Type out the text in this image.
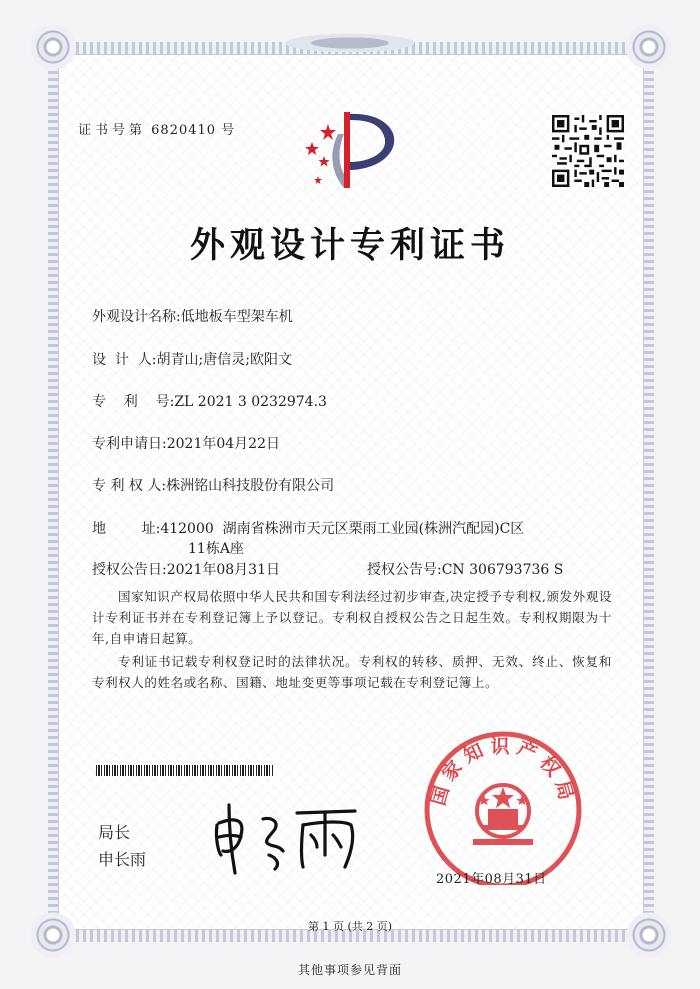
证书号第 6820410 号
外观设计专利证书
外观设计名称:低地板车型架车机
设  计  人:胡青山;唐信灵;欧阳文
专    利    号:ZL 2021 3 0232974.3
专利申请日:2021年04月22日
专 利 权 人:株洲铭山科技股份有限公司
地        址:412000  湖南省株洲市天元区栗雨工业园(株洲汽配园)C区
11栋A座
授权公告日:2021年08月31日	授权公告号:CN 306793736 S
国家知识产权局依照中华人民共和国专利法经过初步审查,决定授予专利权,颁发外观设计专利证书并在专利登记簿上予以登记。专利权自授权公告之日起生效。专利权期限为十年,自申请日起算。
专利证书记载专利权登记时的法律状况。专利权的转移、质押、无效、终止、恢复和专利权人的姓名或名称、国籍、地址变更等事项记载在专利登记簿上。
局长
申长雨
国家知识产权局
2021年08月31日
第 1 页 (共 2 页)
其他事项参见背面
